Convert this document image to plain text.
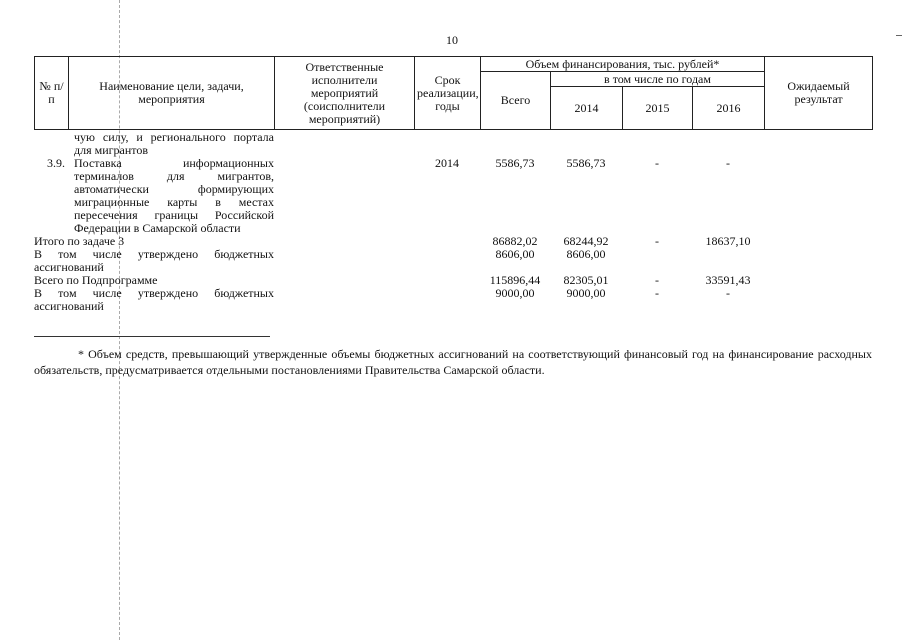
10
№ п/п	Наименование цели, задачи, мероприятия	Ответственные исполнители мероприятий (соисполнители мероприятий)	Срок реализации, годы	Объем финансирования, тыс. рублей*				Ожидаемый результат
				Всего	в том числе по годам			
					2014	2015	2016	
	чую силу, и регионального портала для мигрантов							
3.9.	Поставка информационных терминалов для мигрантов, автоматически формирующих миграционные карты в местах пересечения границы Российской Федерации в Самарской области		2014	5586,73	5586,73	-	-	
Итого по задаче 3				86882,02	68244,92	-	18637,10	
В том числе утверждено бюджетных ассигнований				8606,00	8606,00			
Всего по Подпрограмме				115896,44	82305,01	-	33591,43	
В том числе утверждено бюджетных ассигнований				9000,00	9000,00	-	-	
* Объем средств, превышающий утвержденные объемы бюджетных ассигнований на соответствующий финансовый год на финансирование расходных обязательств, предусматривается отдельными постановлениями Правительства Самарской области.
